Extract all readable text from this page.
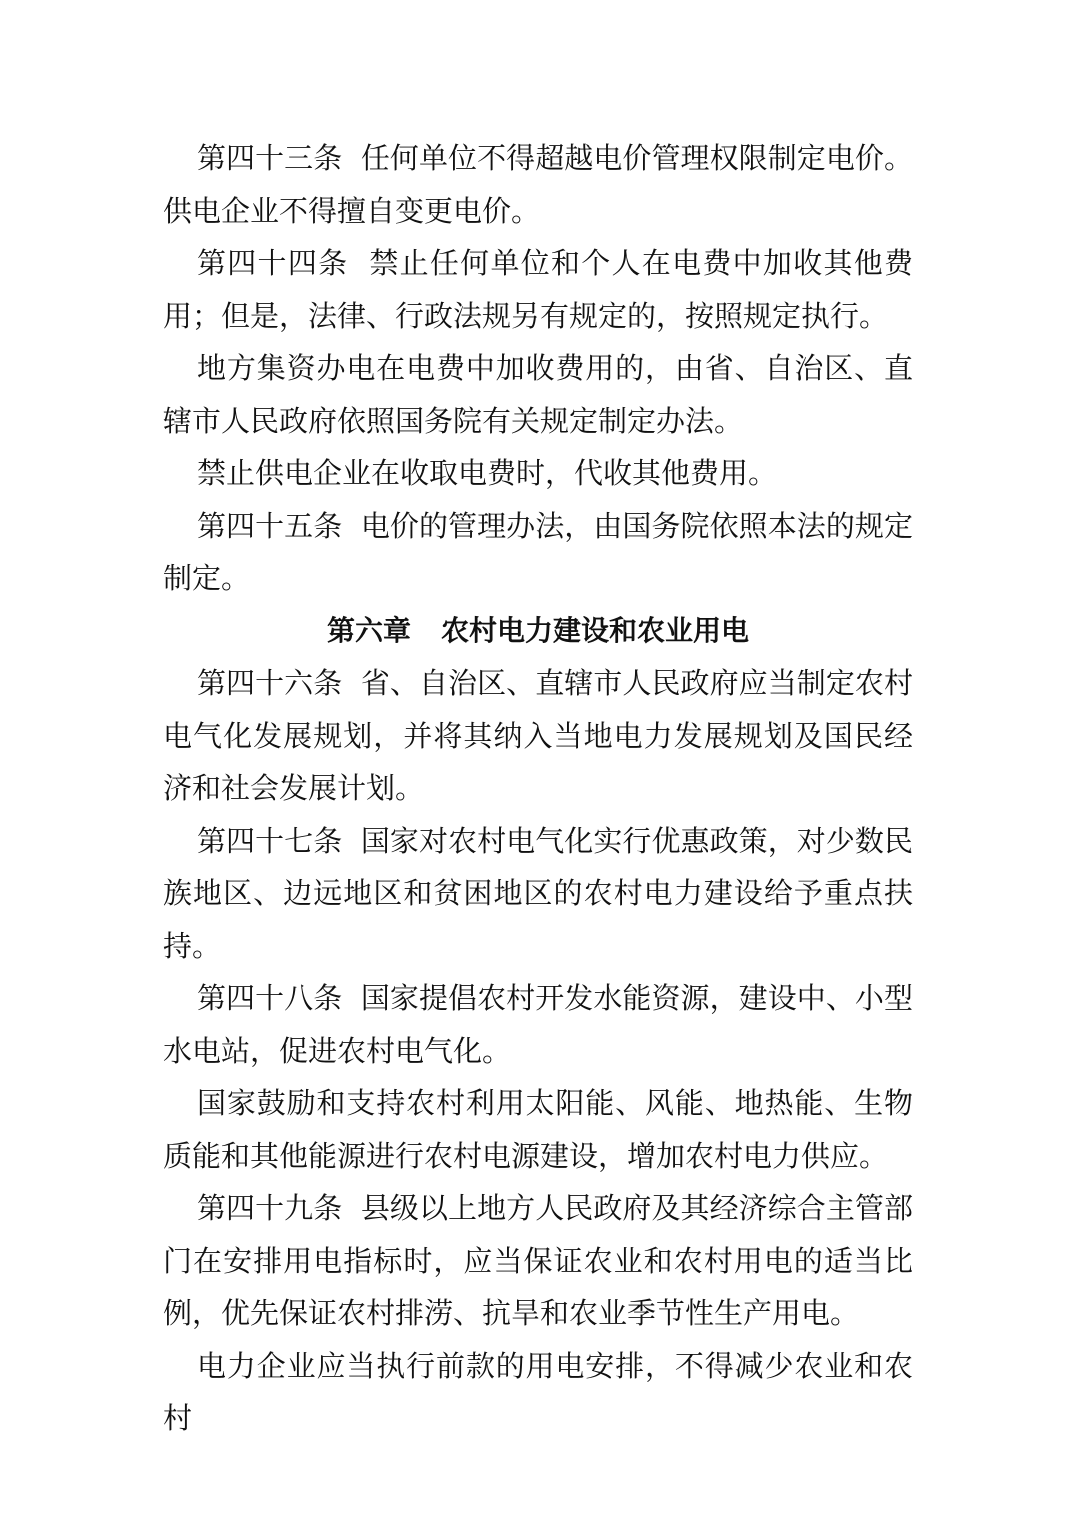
第四十三条 任何单位不得超越电价管理权限制定电价。供电企业不得擅自变更电价。

第四十四条 禁止任何单位和个人在电费中加收其他费用；但是，法律、行政法规另有规定的，按照规定执行。

地方集资办电在电费中加收费用的，由省、自治区、直辖市人民政府依照国务院有关规定制定办法。

禁止供电企业在收取电费时，代收其他费用。

第四十五条 电价的管理办法，由国务院依照本法的规定制定。

第六章 农村电力建设和农业用电

第四十六条 省、自治区、直辖市人民政府应当制定农村电气化发展规划，并将其纳入当地电力发展规划及国民经济和社会发展计划。

第四十七条 国家对农村电气化实行优惠政策，对少数民族地区、边远地区和贫困地区的农村电力建设给予重点扶持。

第四十八条 国家提倡农村开发水能资源，建设中、小型水电站，促进农村电气化。

国家鼓励和支持农村利用太阳能、风能、地热能、生物质能和其他能源进行农村电源建设，增加农村电力供应。

第四十九条 县级以上地方人民政府及其经济综合主管部门在安排用电指标时，应当保证农业和农村用电的适当比例，优先保证农村排涝、抗旱和农业季节性生产用电。

电力企业应当执行前款的用电安排，不得减少农业和农村
